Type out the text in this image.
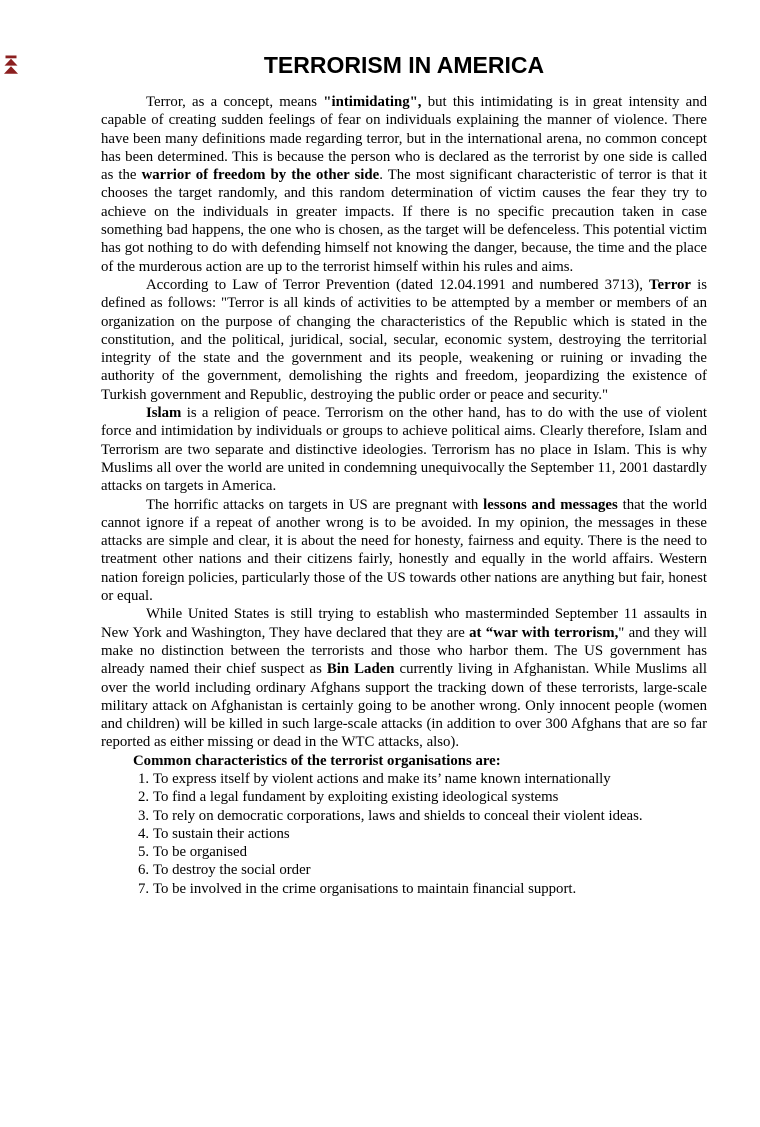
TERRORISM IN AMERICA

Terror, as a concept, means "intimidating", but this intimidating is in great intensity and capable of creating sudden feelings of fear on individuals explaining the manner of violence. There have been many definitions made regarding terror, but in the international arena, no common concept has been determined. This is because the person who is declared as the terrorist by one side is called as the warrior of freedom by the other side. The most significant characteristic of terror is that it chooses the target randomly, and this random determination of victim causes the fear they try to achieve on the individuals in greater impacts. If there is no specific precaution taken in case something bad happens, the one who is chosen, as the target will be defenceless. This potential victim has got nothing to do with defending himself not knowing the danger, because, the time and the place of the murderous action are up to the terrorist himself within his rules and aims.

According to Law of Terror Prevention (dated 12.04.1991 and numbered 3713), Terror is defined as follows: "Terror is all kinds of activities to be attempted by a member or members of an organization on the purpose of changing the characteristics of the Republic which is stated in the constitution, and the political, juridical, social, secular, economic system, destroying the territorial integrity of the state and the government and its people, weakening or ruining or invading the authority of the government, demolishing the rights and freedom, jeopardizing the existence of Turkish government and Republic, destroying the public order or peace and security."

Islam is a religion of peace. Terrorism on the other hand, has to do with the use of violent force and intimidation by individuals or groups to achieve political aims. Clearly therefore, Islam and Terrorism are two separate and distinctive ideologies. Terrorism has no place in Islam. This is why Muslims all over the world are united in condemning unequivocally the September 11, 2001 dastardly attacks on targets in America.

The horrific attacks on targets in US are pregnant with lessons and messages that the world cannot ignore if a repeat of another wrong is to be avoided. In my opinion, the messages in these attacks are simple and clear, it is about the need for honesty, fairness and equity. There is the need to treatment other nations and their citizens fairly, honestly and equally in the world affairs. Western nation foreign policies, particularly those of the US towards other nations are anything but fair, honest or equal.

While United States is still trying to establish who masterminded September 11 assaults in New York and Washington, They have declared that they are at “war with terrorism," and they will make no distinction between the terrorists and those who harbor them. The US government has already named their chief suspect as Bin Laden currently living in Afghanistan. While Muslims all over the world including ordinary Afghans support the tracking down of these terrorists, large-scale military attack on Afghanistan is certainly going to be another wrong. Only innocent people (women and children) will be killed in such large-scale attacks (in addition to over 300 Afghans that are so far reported as either missing or dead in the WTC attacks, also).

Common characteristics of the terrorist organisations are:

1. To express itself by violent actions and make its’ name known internationally
2. To find a legal fundament by exploiting existing ideological systems
3. To rely on democratic corporations, laws and shields to conceal their violent ideas.
4. To sustain their actions
5. To be organised
6. To destroy the social order
7. To be involved in the crime organisations to maintain financial support.
